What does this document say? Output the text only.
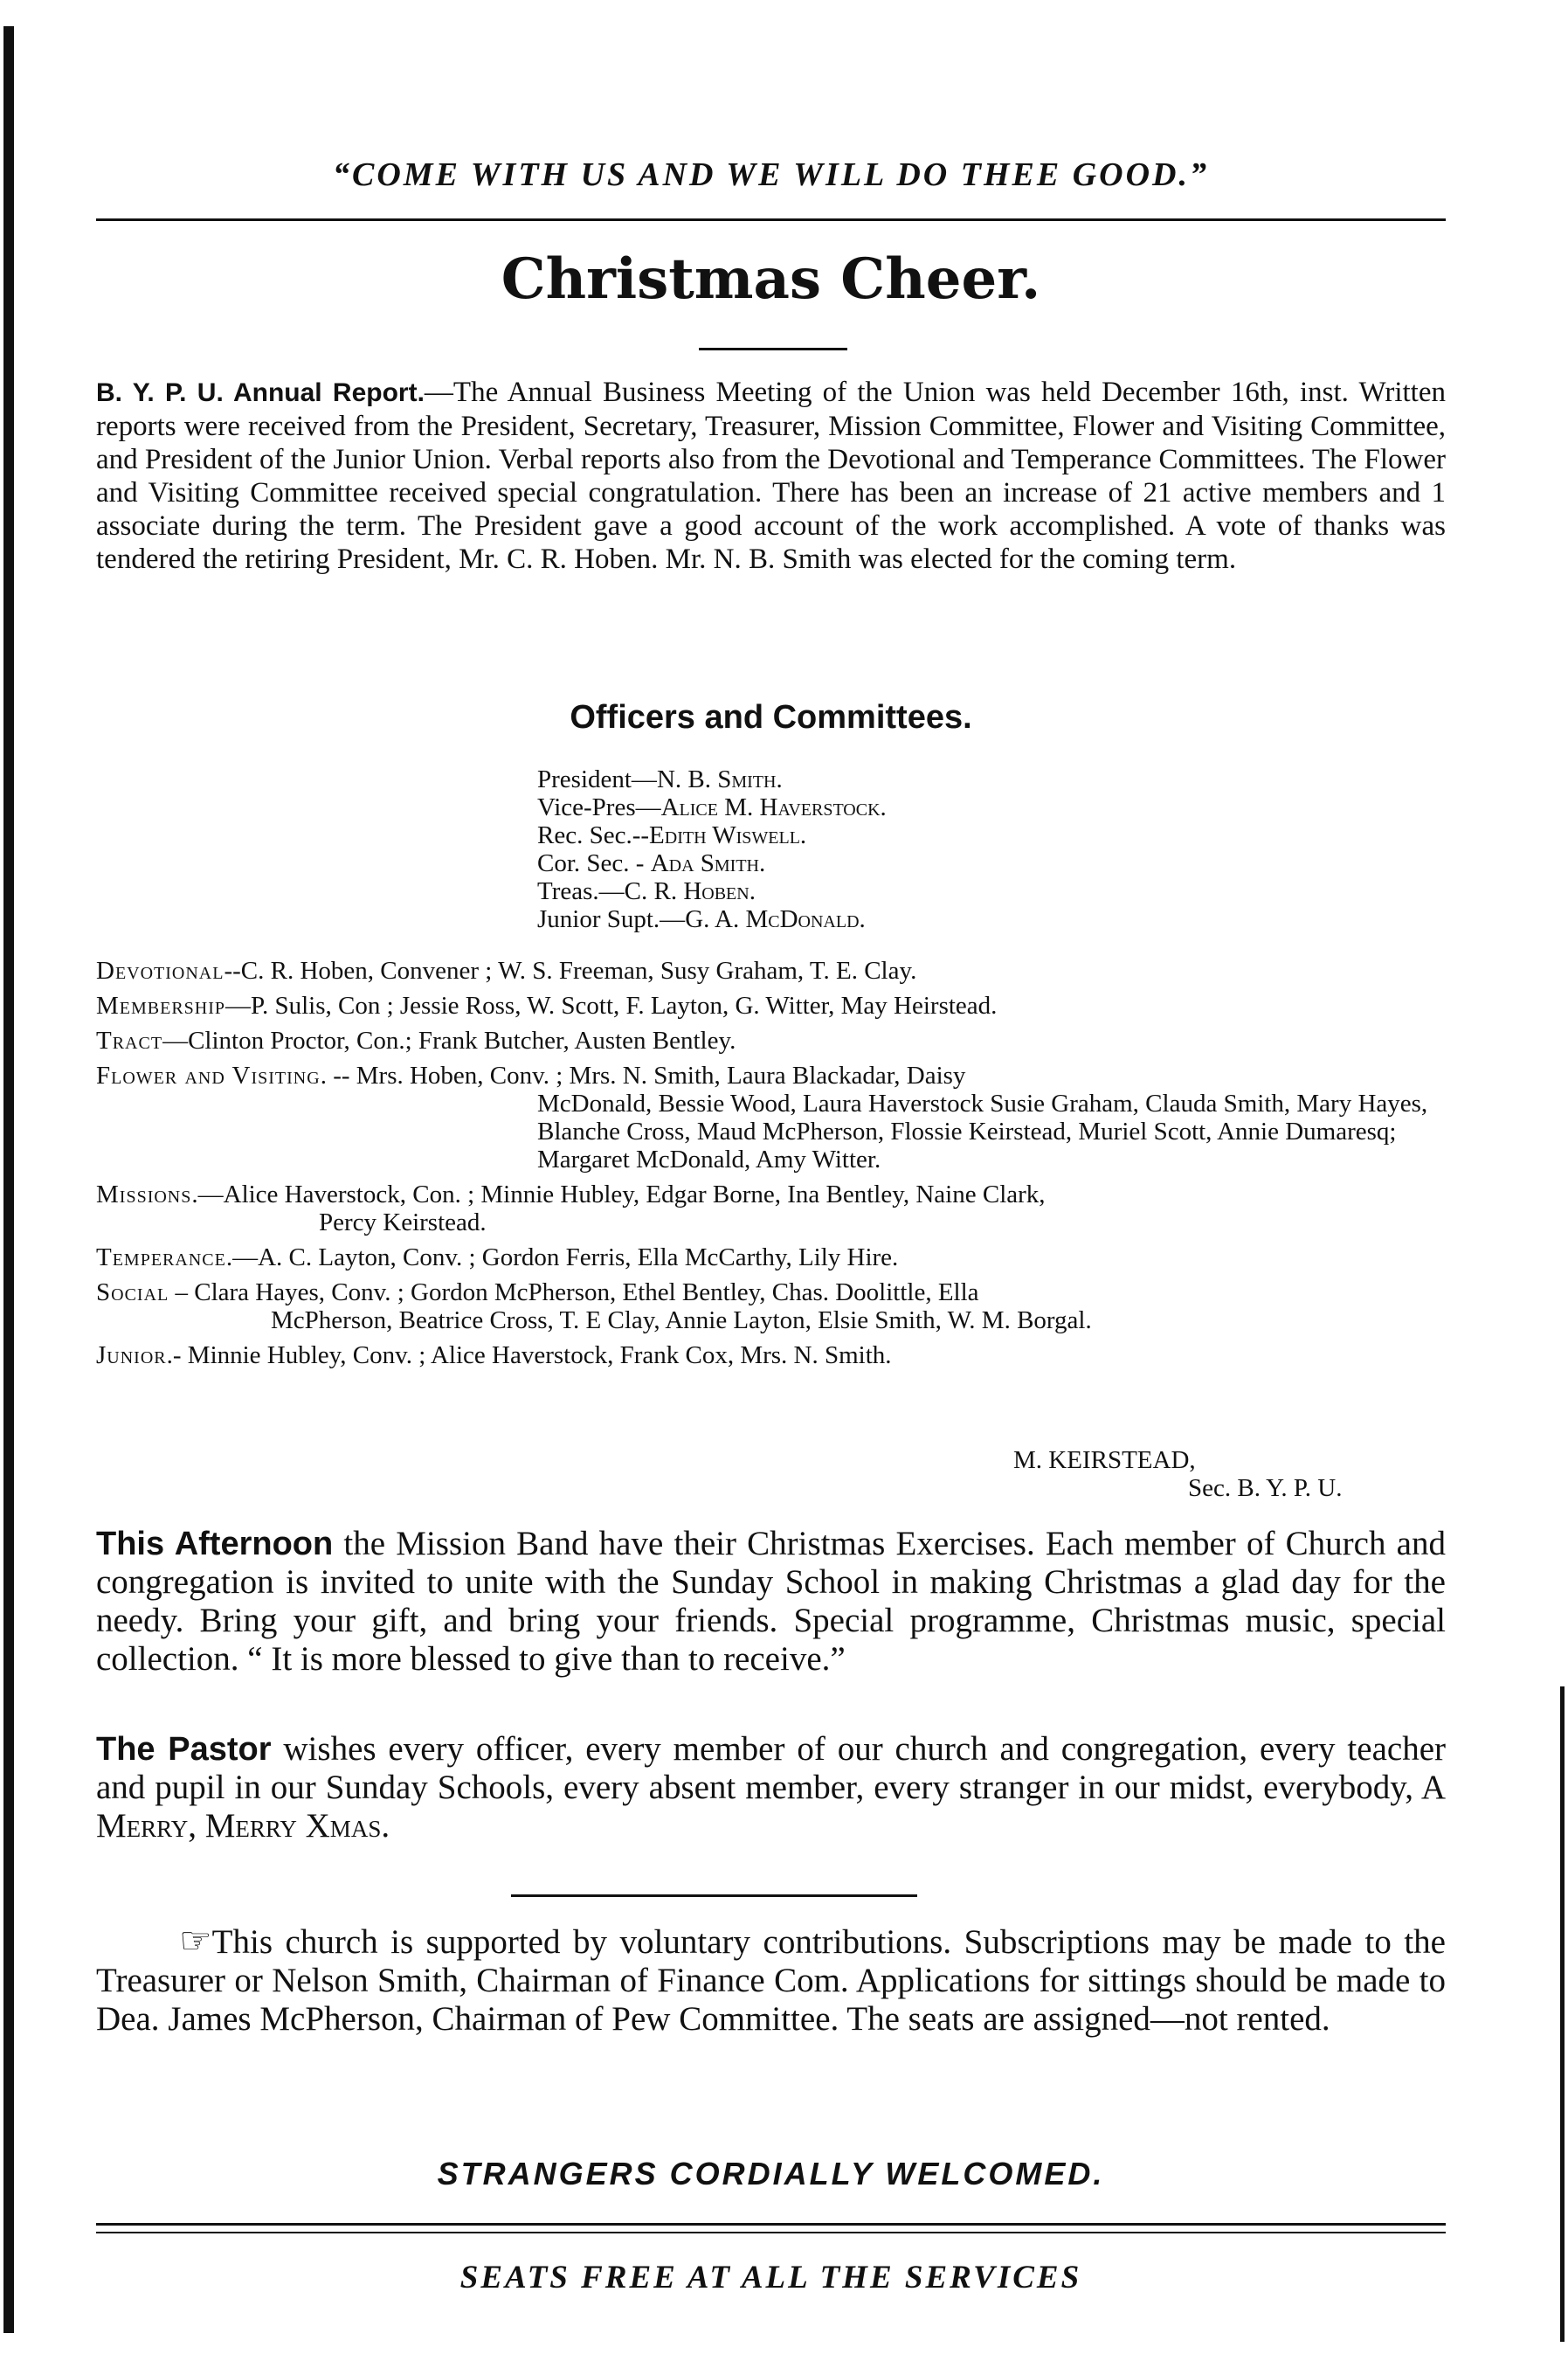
“COME WITH US AND WE WILL DO THEE GOOD.”
Christmas Cheer.
B. Y. P. U. Annual Report.—The Annual Business Meeting of the Union was held December 16th, inst. Written reports were received from the President, Secretary, Treasurer, Mission Committee, Flower and Visiting Committee, and President of the Junior Union. Verbal reports also from the Devotional and Temperance Committees. The Flower and Visiting Committee received special congratulation. There has been an increase of 21 active members and 1 associate during the term. The President gave a good account of the work accomplished. A vote of thanks was tendered the retiring President, Mr. C. R. Hoben. Mr. N. B. Smith was elected for the coming term.
Officers and Committees.
President—N. B. Smith.
Vice-Pres—Alice M. Haverstock.
Rec. Sec.--Edith Wiswell.
Cor. Sec. - Ada Smith.
Treas.—C. R. Hoben.
Junior Supt.—G. A. McDonald.
Devotional--C. R. Hoben, Convener ; W. S. Freeman, Susy Graham, T. E. Clay.
Membership—P. Sulis, Con ; Jessie Ross, W. Scott, F. Layton, G. Witter, May Heirstead.
Tract—Clinton Proctor, Con.; Frank Butcher, Austen Bentley.
Flower and Visiting. -- Mrs. Hoben, Conv. ; Mrs. N. Smith, Laura Blackadar, Daisy
McDonald, Bessie Wood, Laura Haverstock Susie Graham, Clauda Smith, Mary Hayes, Blanche Cross, Maud McPherson, Flossie Keirstead, Muriel Scott, Annie Dumaresq; Margaret McDonald, Amy Witter.
Missions.—Alice Haverstock, Con. ; Minnie Hubley, Edgar Borne, Ina Bentley, Naine Clark,
Percy Keirstead.
Temperance.—A. C. Layton, Conv. ; Gordon Ferris, Ella McCarthy, Lily Hire.
Social – Clara Hayes, Conv. ; Gordon McPherson, Ethel Bentley, Chas. Doolittle, Ella
McPherson, Beatrice Cross, T. E Clay, Annie Layton, Elsie Smith, W. M. Borgal.
Junior.- Minnie Hubley, Conv. ; Alice Haverstock, Frank Cox, Mrs. N. Smith.
M. KEIRSTEAD,
Sec. B. Y. P. U.
This Afternoon the Mission Band have their Christmas Exercises. Each member of Church and congregation is invited to unite with the Sunday School in making Christmas a glad day for the needy. Bring your gift, and bring your friends. Special programme, Christmas music, special collection. “ It is more blessed to give than to receive.”
The Pastor wishes every officer, every member of our church and congregation, every teacher and pupil in our Sunday Schools, every absent member, every stranger in our midst, everybody, A Merry, Merry Xmas.
☞This church is supported by voluntary contributions. Subscriptions may be made to the Treasurer or Nelson Smith, Chairman of Finance Com. Applications for sittings should be made to Dea. James McPherson, Chairman of Pew Committee. The seats are assigned—not rented.
STRANGERS CORDIALLY WELCOMED.
SEATS FREE AT ALL THE SERVICES
